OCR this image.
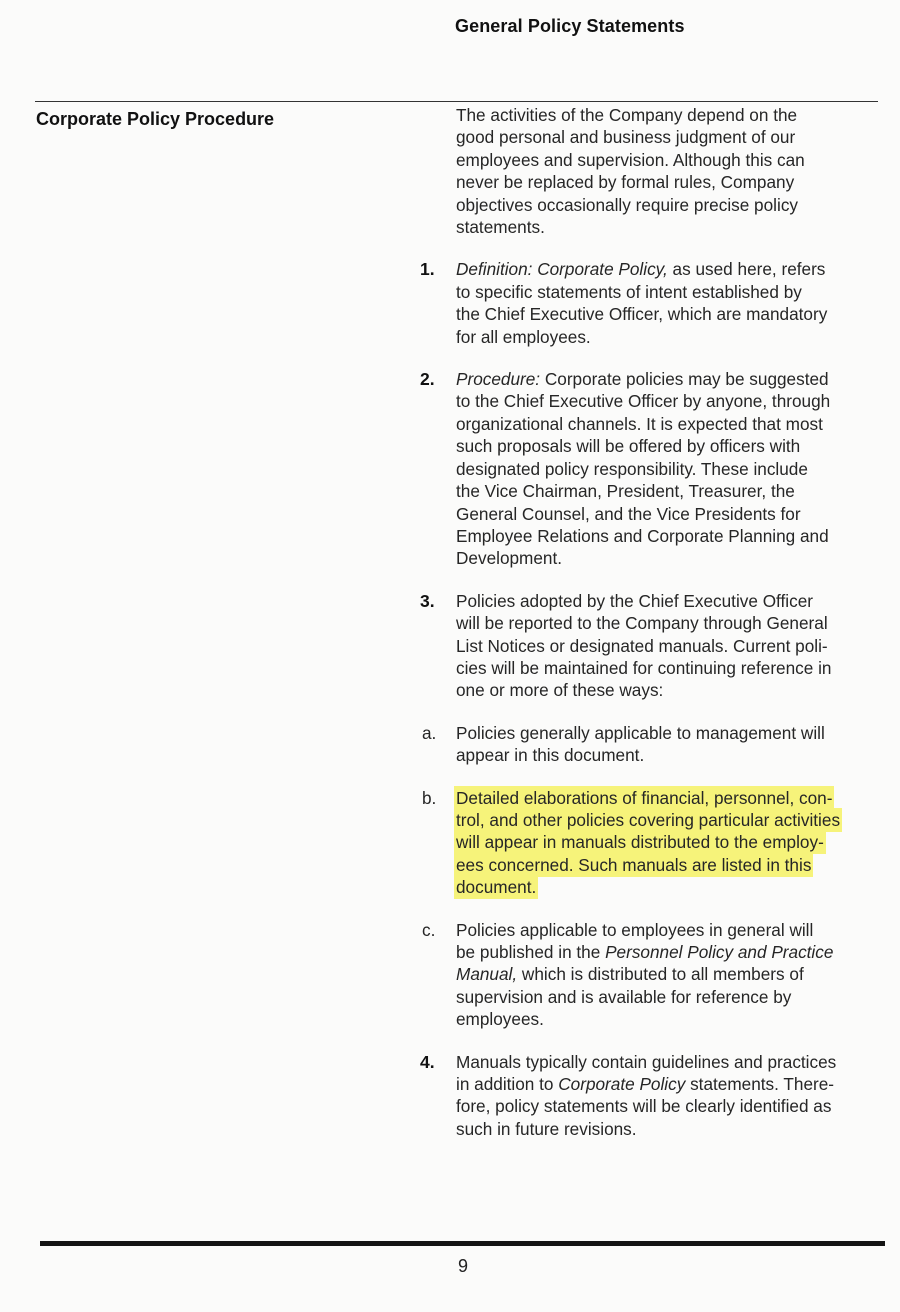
General Policy Statements
Corporate Policy Procedure	The activities of the Company depend on the
good personal and business judgment of our
employees and supervision. Although this can
never be replaced by formal rules, Company
objectives occasionally require precise policy
statements.
1.	Definition: Corporate Policy, as used here, refers
to specific statements of intent established by
the Chief Executive Officer, which are mandatory
for all employees.
2.	Procedure: Corporate policies may be suggested
to the Chief Executive Officer by anyone, through
organizational channels. It is expected that most
such proposals will be offered by officers with
designated policy responsibility. These include
the Vice Chairman, President, Treasurer, the
General Counsel, and the Vice Presidents for
Employee Relations and Corporate Planning and
Development.
3.	Policies adopted by the Chief Executive Officer
will be reported to the Company through General
List Notices or designated manuals. Current poli-
cies will be maintained for continuing reference in
one or more of these ways:
a.	Policies generally applicable to management will
appear in this document.
b.	Detailed elaborations of financial, personnel, con-
trol, and other policies covering particular activities
will appear in manuals distributed to the employ-
ees concerned. Such manuals are listed in this
document.
c.	Policies applicable to employees in general will
be published in the Personnel Policy and Practice
Manual, which is distributed to all members of
supervision and is available for reference by
employees.
4.	Manuals typically contain guidelines and practices
in addition to Corporate Policy statements. There-
fore, policy statements will be clearly identified as
such in future revisions.

9
